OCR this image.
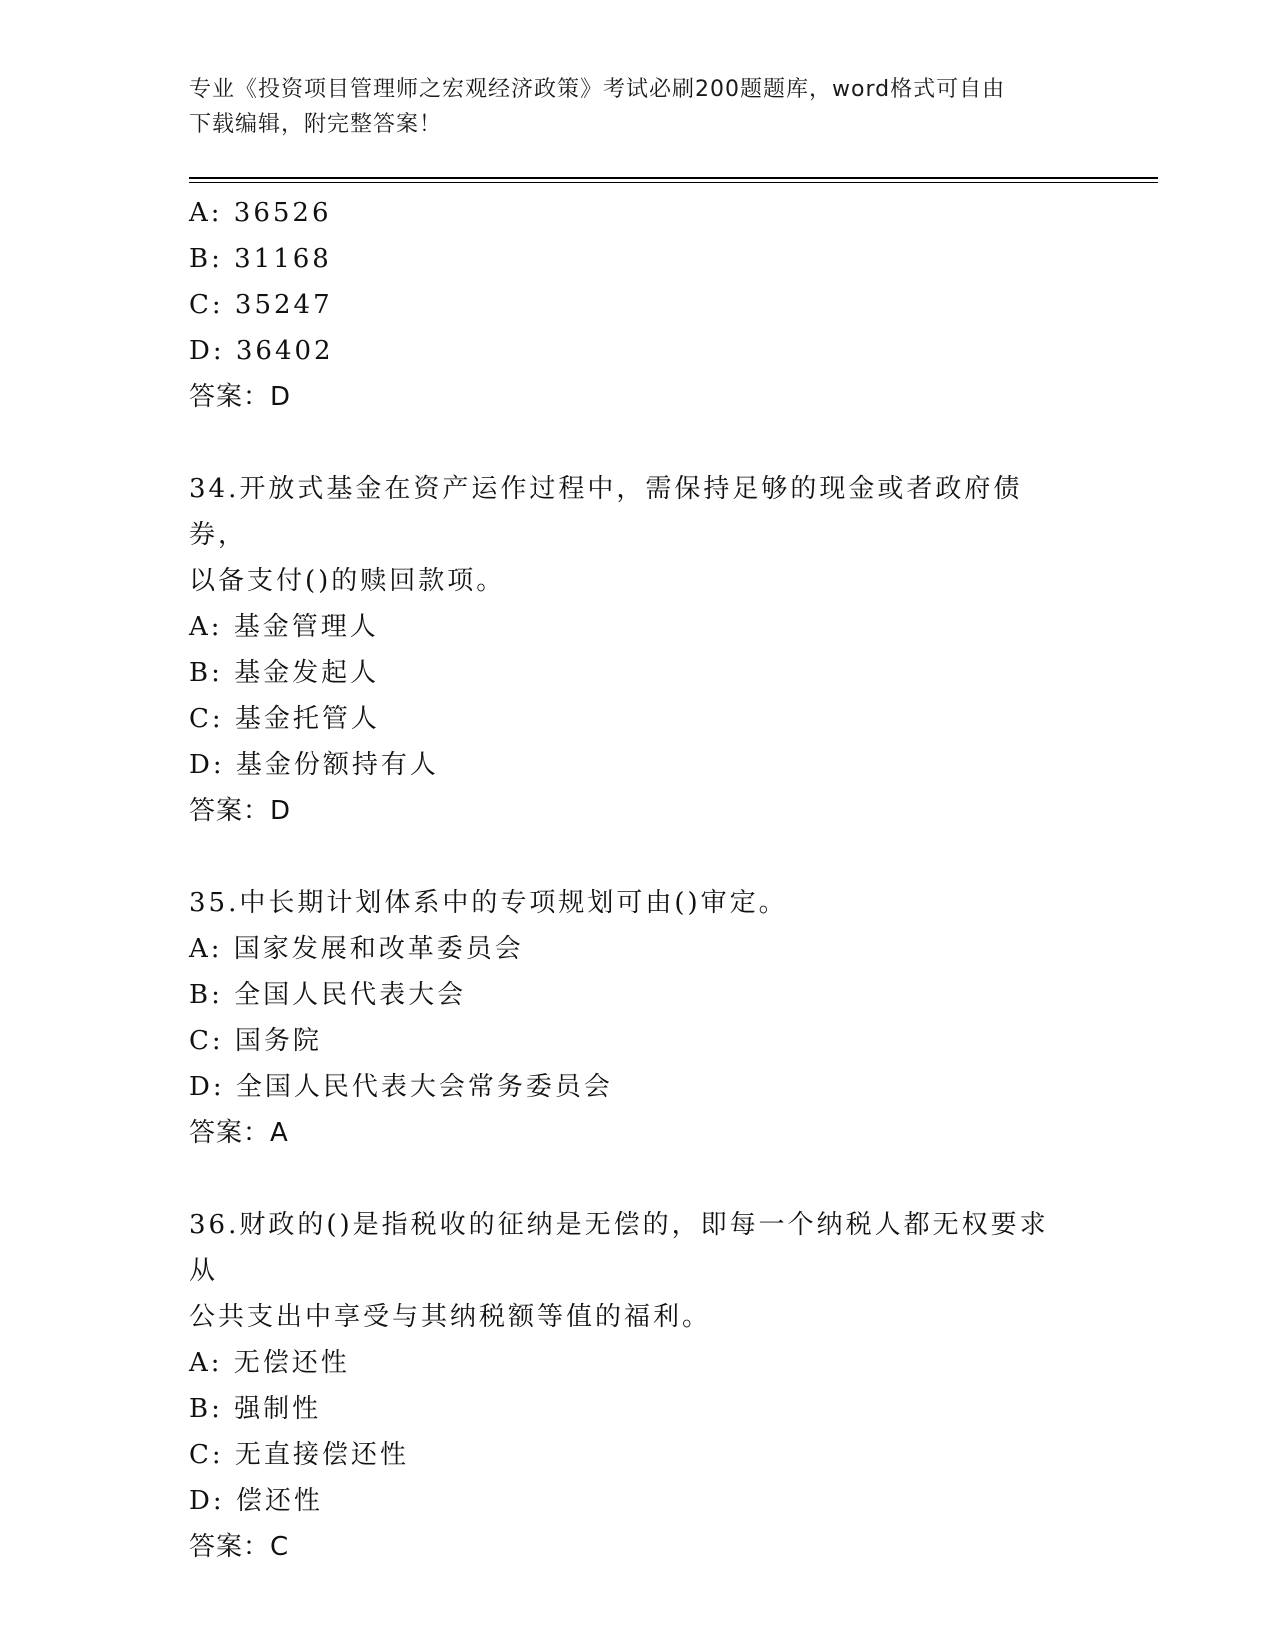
专业《投资项目管理师之宏观经济政策》考试必刷200题题库，word格式可自由
下载编辑，附完整答案！
A: 36526
B: 31168
C: 35247
D: 36402
答案：D
34.开放式基金在资产运作过程中，需保持足够的现金或者政府债券，
以备支付()的赎回款项。
A: 基金管理人
B: 基金发起人
C: 基金托管人
D: 基金份额持有人
答案：D
35.中长期计划体系中的专项规划可由()审定。
A: 国家发展和改革委员会
B: 全国人民代表大会
C: 国务院
D: 全国人民代表大会常务委员会
答案：A
36.财政的()是指税收的征纳是无偿的，即每一个纳税人都无权要求从
公共支出中享受与其纳税额等值的福利。
A: 无偿还性
B: 强制性
C: 无直接偿还性
D: 偿还性
答案：C
